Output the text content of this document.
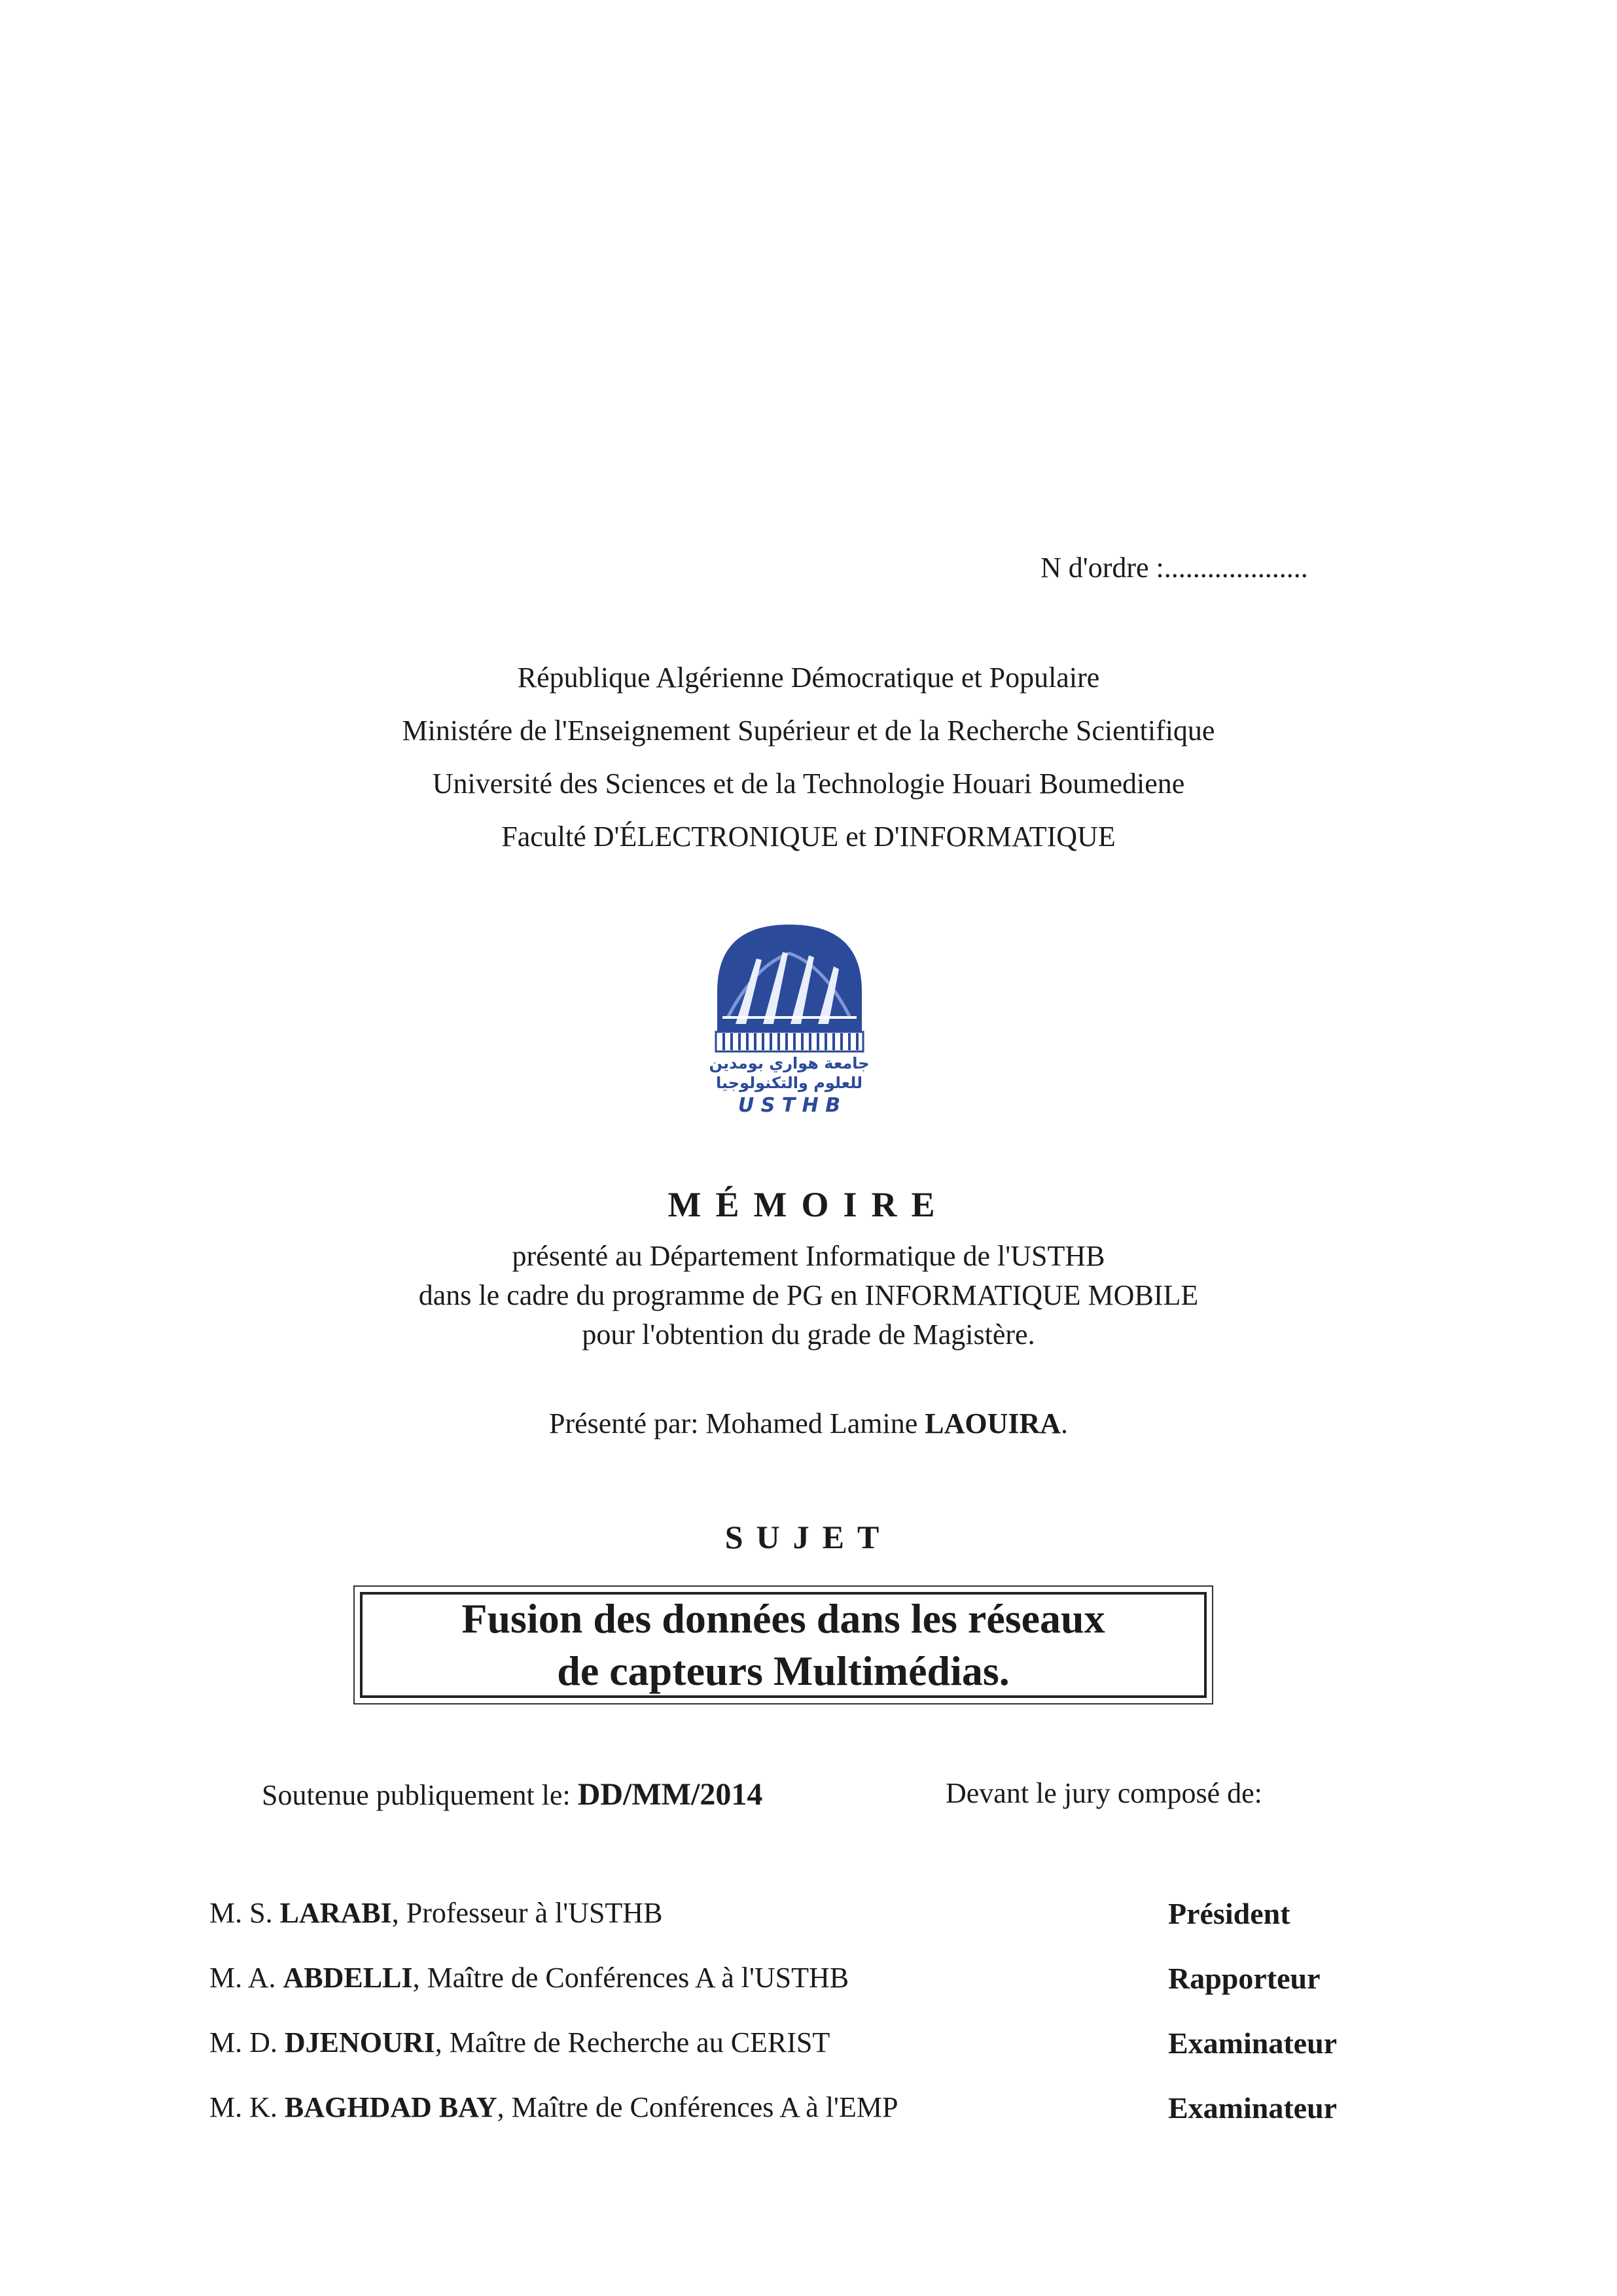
N d'ordre :....................
République Algérienne Démocratique et Populaire
Ministére de l'Enseignement Supérieur et de la Recherche Scientifique
Université des Sciences et de la Technologie Houari Boumediene
Faculté D'ÉLECTRONIQUE et D'INFORMATIQUE
جامعة هواري بومدين
للعلوم والتكنولوجيا
U S T H B
MÉMOIRE
présenté au Département Informatique de l'USTHB
dans le cadre du programme de PG en INFORMATIQUE MOBILE
pour l'obtention du grade de Magistère.
Présenté par: Mohamed Lamine LAOUIRA.
SUJET
Fusion des données dans les réseaux
de capteurs Multimédias.
Soutenue publiquement le: DD/MM/2014	Devant le jury composé de:
M. S. LARABI, Professeur à l'USTHB	Président
M. A. ABDELLI, Maître de Conférences A à l'USTHB	Rapporteur
M. D. DJENOURI, Maître de Recherche au CERIST	Examinateur
M. K. BAGHDAD BAY, Maître de Conférences A à l'EMP	Examinateur
